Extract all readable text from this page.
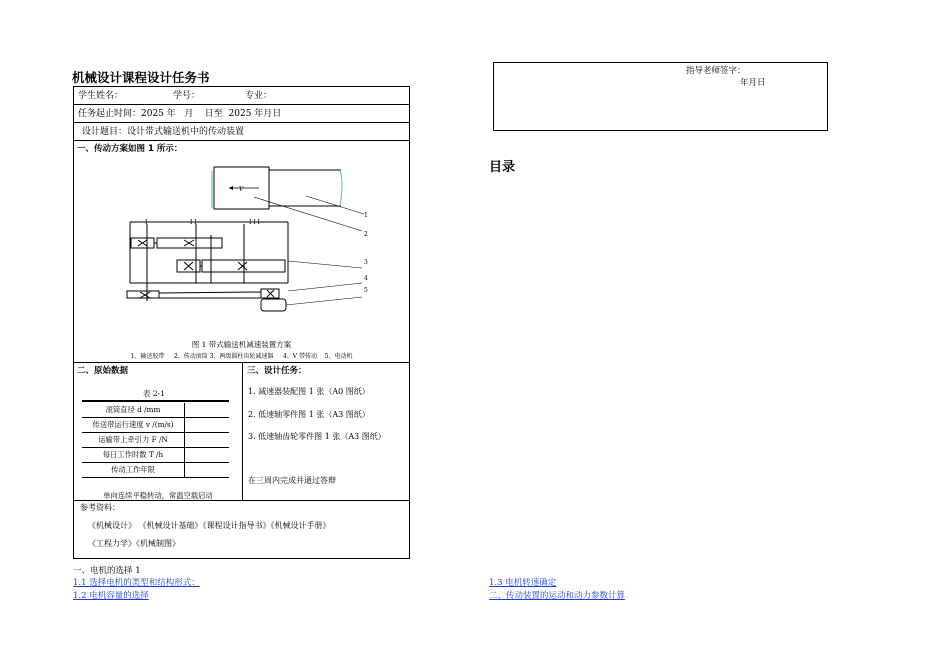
机械设计课程设计任务书
学生姓名：	学号：	专业：
任务起止时间：2025 年   月    日至  2025 年月日
设计题目：设计带式输送机中的传动装置
一、传动方案如图 1 所示：
V
I	I I	I I I
1
2
3
4
5
图 1 带式输送机减速装置方案
1、输送胶带     2、传动滚筒 3、两级圆柱齿轮减速器     4、V 带传动    5、电动机
二、原始数据
表 2-1
滚筒直径 d /mm	
传送带运行速度 v /(m/s)	
运输带上牵引力 F /N	
每日工作时数 T /h	
传动工作年限	
单向连续平稳转动，常温空载启动
三、设计任务：
1. 减速器装配图 1 张（A0 图纸）
2. 低速轴零件图 1 张（A3 图纸）
3. 低速轴齿轮零件图 1 张（A3 图纸）
在三周内完成并通过答辩
参考资料：
《机械设计》 《机械设计基础》《课程设计指导书》《机械设计手册》
《工程力学》《机械制图》
指导老师签字：
年月日
目录
一、电机的选择 1
1.1 选择电机的类型和结构形式：
1.2 电机容量的选择
1.3 电机转速确定
二、传动装置的运动和动力参数计算
